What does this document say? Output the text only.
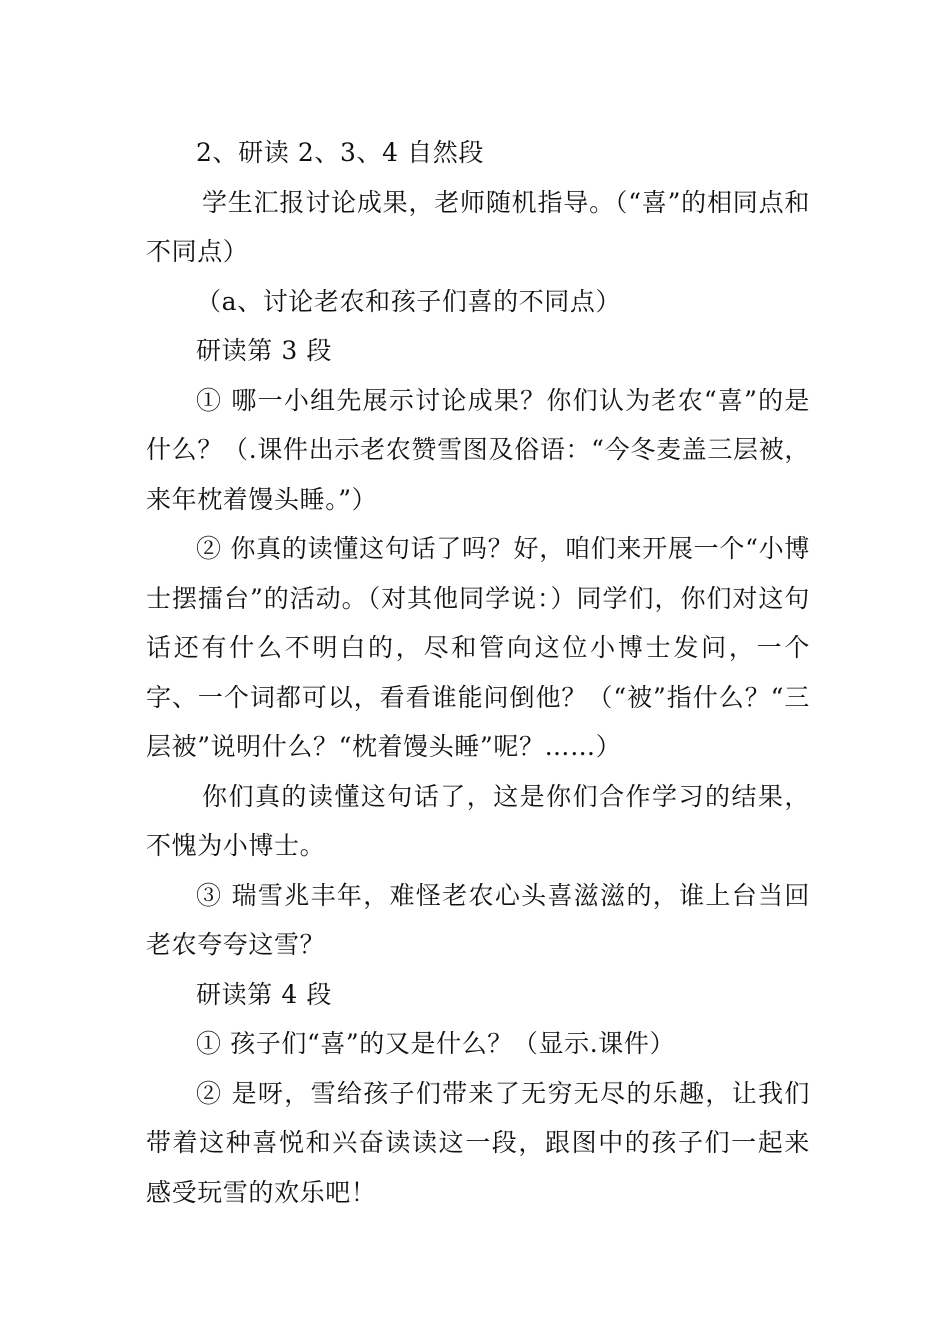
2、研读 2、3、4 自然段

学生汇报讨论成果，老师随机指导。（“喜”的相同点和不同点）

（a、讨论老农和孩子们喜的不同点）

研读第 3 段

① 哪一小组先展示讨论成果？你们认为老农“喜”的是什么？（.课件出示老农赞雪图及俗语：“今冬麦盖三层被，来年枕着馒头睡。”）

② 你真的读懂这句话了吗？好，咱们来开展一个“小博士摆擂台”的活动。（对其他同学说：）同学们，你们对这句话还有什么不明白的，尽和管向这位小博士发问，一个字、一个词都可以，看看谁能问倒他？（“被”指什么？“三层被”说明什么？“枕着馒头睡”呢？……）

你们真的读懂这句话了，这是你们合作学习的结果，不愧为小博士。

③ 瑞雪兆丰年，难怪老农心头喜滋滋的，谁上台当回老农夸夸这雪？

研读第 4 段

① 孩子们“喜”的又是什么？（显示.课件）

② 是呀，雪给孩子们带来了无穷无尽的乐趣，让我们带着这种喜悦和兴奋读读这一段，跟图中的孩子们一起来感受玩雪的欢乐吧！
